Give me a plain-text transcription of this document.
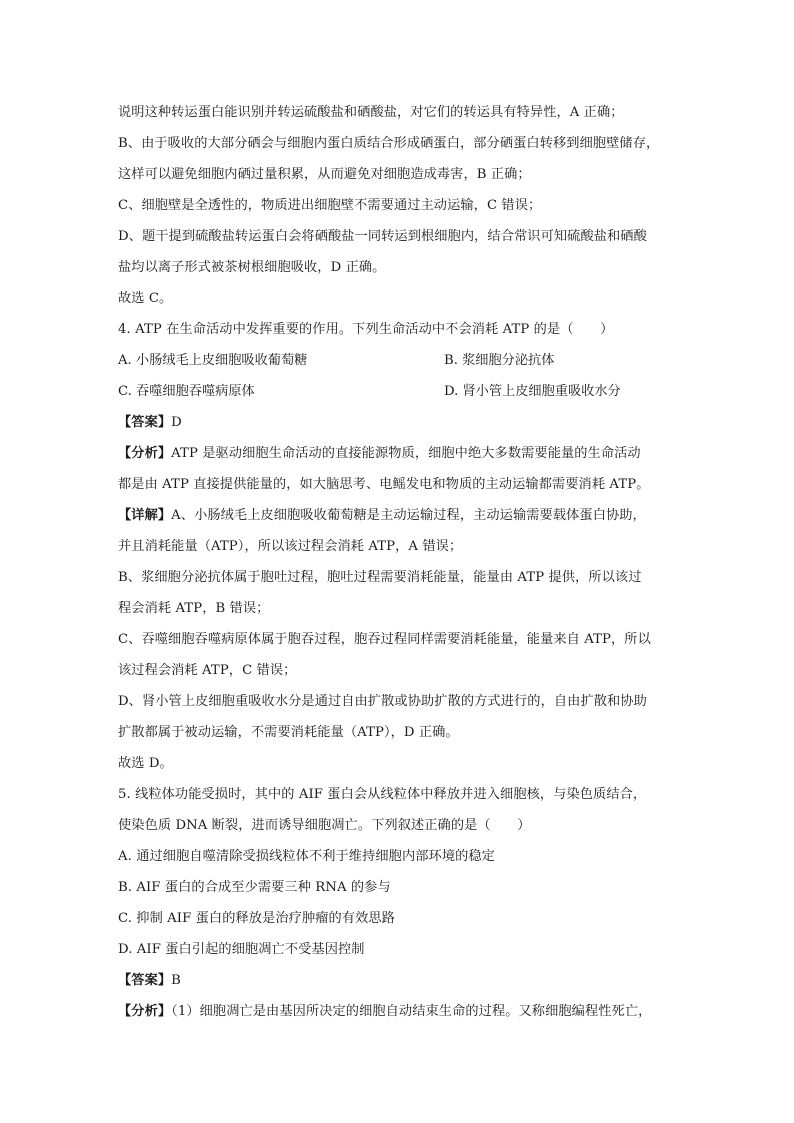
说明这种转运蛋白能识别并转运硫酸盐和硒酸盐，对它们的转运具有特异性，A 正确；
B、由于吸收的大部分硒会与细胞内蛋白质结合形成硒蛋白，部分硒蛋白转移到细胞壁储存，
这样可以避免细胞内硒过量积累，从而避免对细胞造成毒害，B 正确；
C、细胞壁是全透性的，物质进出细胞壁不需要通过主动运输，C 错误；
D、题干提到硫酸盐转运蛋白会将硒酸盐一同转运到根细胞内，结合常识可知硫酸盐和硒酸
盐均以离子形式被茶树根细胞吸收，D 正确。
故选 C。
4. ATP 在生命活动中发挥重要的作用。下列生命活动中不会消耗 ATP 的是（　　）
A. 小肠绒毛上皮细胞吸收葡萄糖	B. 浆细胞分泌抗体
C. 吞噬细胞吞噬病原体	D. 肾小管上皮细胞重吸收水分
【答案】D
【分析】ATP 是驱动细胞生命活动的直接能源物质，细胞中绝大多数需要能量的生命活动
都是由 ATP 直接提供能量的，如大脑思考、电鳐发电和物质的主动运输都需要消耗 ATP。
【详解】A、小肠绒毛上皮细胞吸收葡萄糖是主动运输过程，主动运输需要载体蛋白协助，
并且消耗能量（ATP），所以该过程会消耗 ATP，A 错误；
B、浆细胞分泌抗体属于胞吐过程，胞吐过程需要消耗能量，能量由 ATP 提供，所以该过
程会消耗 ATP，B 错误；
C、吞噬细胞吞噬病原体属于胞吞过程，胞吞过程同样需要消耗能量，能量来自 ATP，所以
该过程会消耗 ATP，C 错误；
D、肾小管上皮细胞重吸收水分是通过自由扩散或协助扩散的方式进行的，自由扩散和协助
扩散都属于被动运输，不需要消耗能量（ATP），D 正确。
故选 D。
5. 线粒体功能受损时，其中的 AIF 蛋白会从线粒体中释放并进入细胞核，与染色质结合，
使染色质 DNA 断裂，进而诱导细胞凋亡。下列叙述正确的是（　　）
A. 通过细胞自噬清除受损线粒体不利于维持细胞内部环境的稳定
B. AIF 蛋白的合成至少需要三种 RNA 的参与
C. 抑制 AIF 蛋白的释放是治疗肿瘤的有效思路
D. AIF 蛋白引起的细胞凋亡不受基因控制
【答案】B
【分析】（1）细胞凋亡是由基因所决定的细胞自动结束生命的过程。又称细胞编程性死亡，
